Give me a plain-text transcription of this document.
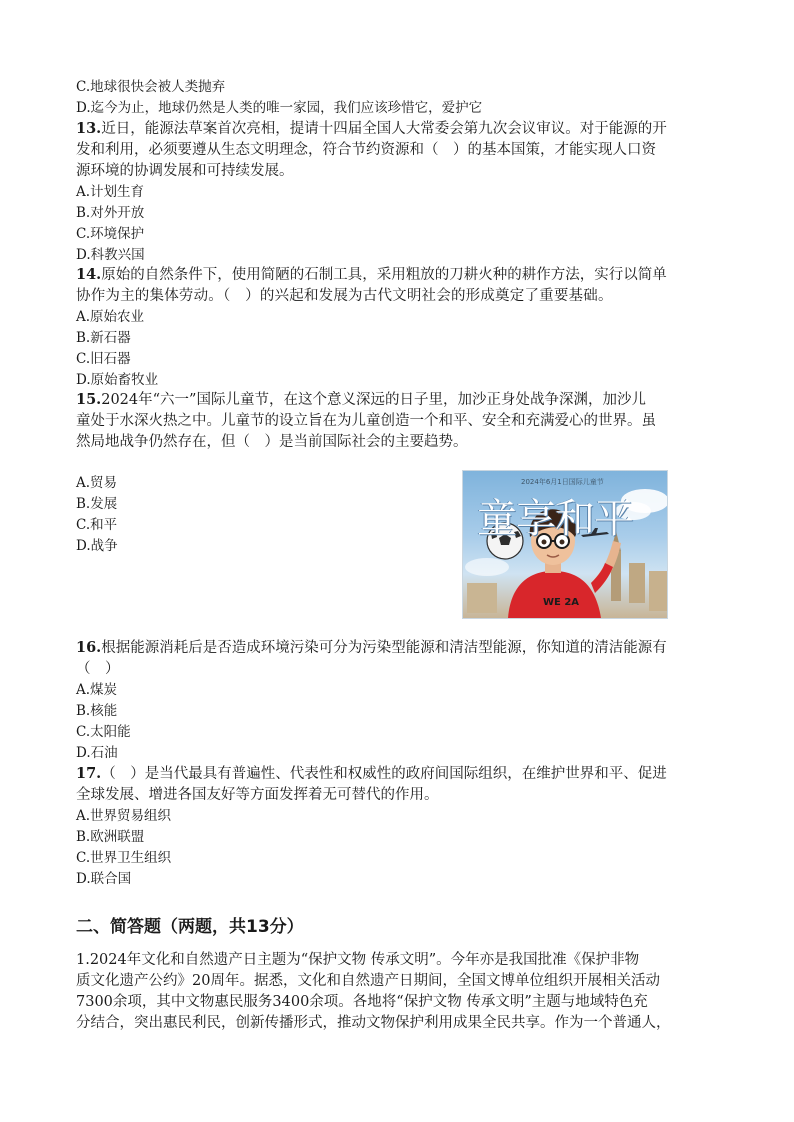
C.地球很快会被人类抛弃
D.迄今为止，地球仍然是人类的唯一家园，我们应该珍惜它，爱护它
13.近日，能源法草案首次亮相，提请十四届全国人大常委会第九次会议审议。对于能源的开
发和利用，必须要遵从生态文明理念，符合节约资源和（　）的基本国策，才能实现人口资
源环境的协调发展和可持续发展。
A.计划生育
B.对外开放
C.环境保护
D.科教兴国
14.原始的自然条件下，使用简陋的石制工具，采用粗放的刀耕火种的耕作方法，实行以简单
协作为主的集体劳动。（　）的兴起和发展为古代文明社会的形成奠定了重要基础。
A.原始农业
B.新石器
C.旧石器
D.原始畜牧业
15.2024年“六一”国际儿童节，在这个意义深远的日子里，加沙正身处战争深渊，加沙儿
童处于水深火热之中。儿童节的设立旨在为儿童创造一个和平、安全和充满爱心的世界。虽
然局地战争仍然存在，但（　）是当前国际社会的主要趋势。
A.贸易
B.发展
C.和平
D.战争
2024年6月1日国际儿童节
童享和平
WE 2A
16.根据能源消耗后是否造成环境污染可分为污染型能源和清洁型能源，你知道的清洁能源有
（　）
A.煤炭
B.核能
C.太阳能
D.石油
17.（　）是当代最具有普遍性、代表性和权威性的政府间国际组织，在维护世界和平、促进
全球发展、增进各国友好等方面发挥着无可替代的作用。
A.世界贸易组织
B.欧洲联盟
C.世界卫生组织
D.联合国
二、简答题（两题，共13分）
1.2024年文化和自然遗产日主题为“保护文物 传承文明”。今年亦是我国批准《保护非物
质文化遗产公约》20周年。据悉，文化和自然遗产日期间，全国文博单位组织开展相关活动
7300余项，其中文物惠民服务3400余项。各地将“保护文物 传承文明”主题与地域特色充
分结合，突出惠民利民，创新传播形式，推动文物保护利用成果全民共享。作为一个普通人，
